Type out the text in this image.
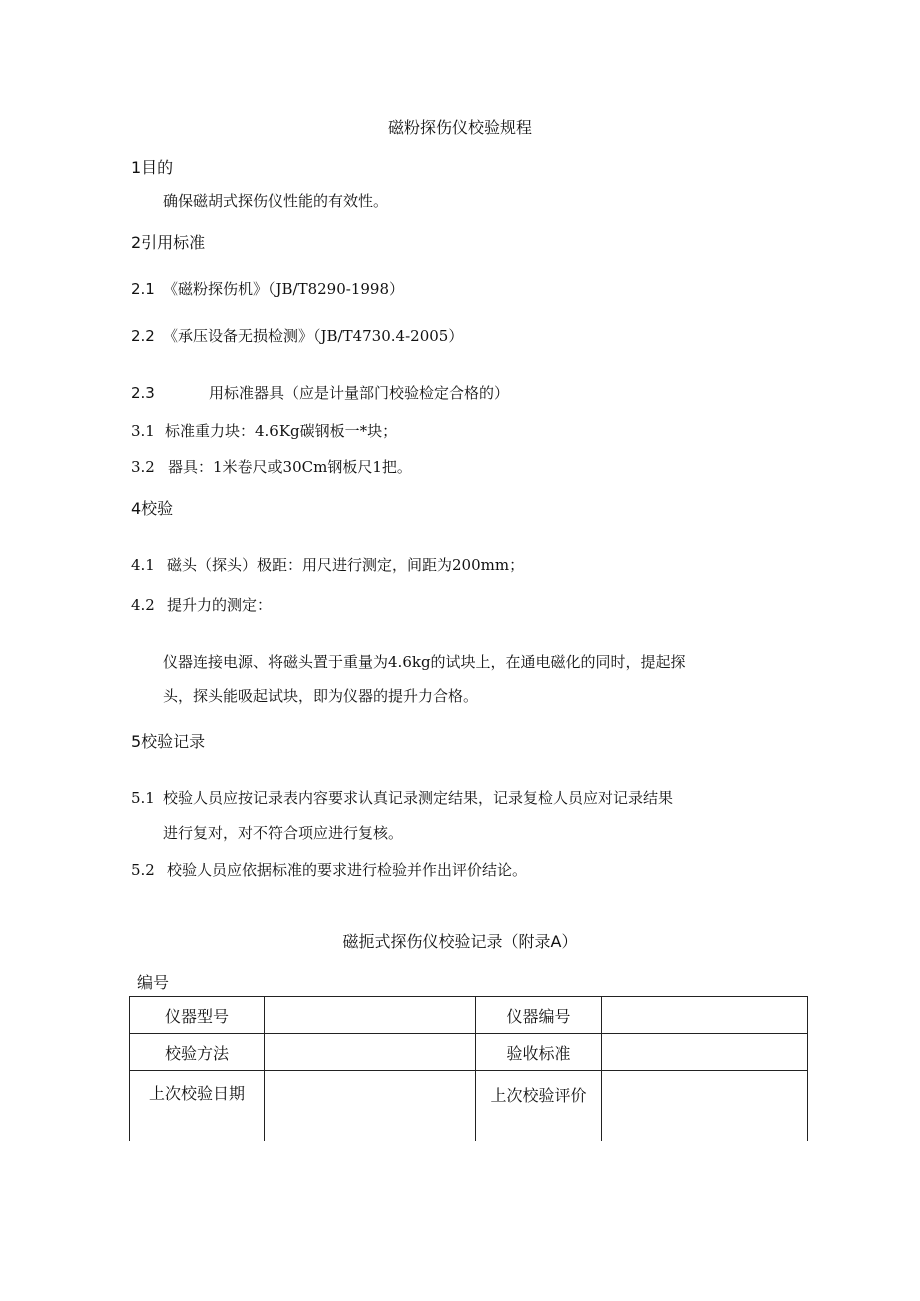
磁粉探伤仪校验规程
1目的
确保磁胡式探伤仪性能的有效性。
2引用标准
2.1 《磁粉探伤机》（JB/T8290-1998）
2.2 《承压设备无损检测》（JB/T4730.4-2005）
2.3	用标准器具（应是计量部门校验检定合格的）
3.1 标准重力块：4.6Kg碳钢板一*块；
3.2 器具：1米卷尺或30Cm钢板尺1把。
4校验
4.1 磁头（探头）极距：用尺进行测定，间距为200mm；
4.2 提升力的测定：
仪器连接电源、将磁头置于重量为4.6kg的试块上，在通电磁化的同时，提起探
头，探头能吸起试块，即为仪器的提升力合格。
5校验记录
5.1 校验人员应按记录表内容要求认真记录测定结果，记录复检人员应对记录结果
进行复对，对不符合项应进行复核。
5.2 校验人员应依据标准的要求进行检验并作出评价结论。
磁扼式探伤仪校验记录（附录A）
编号
仪器型号		仪器编号	
校验方法		验收标准	

上次校验日期		上次校验评价	
